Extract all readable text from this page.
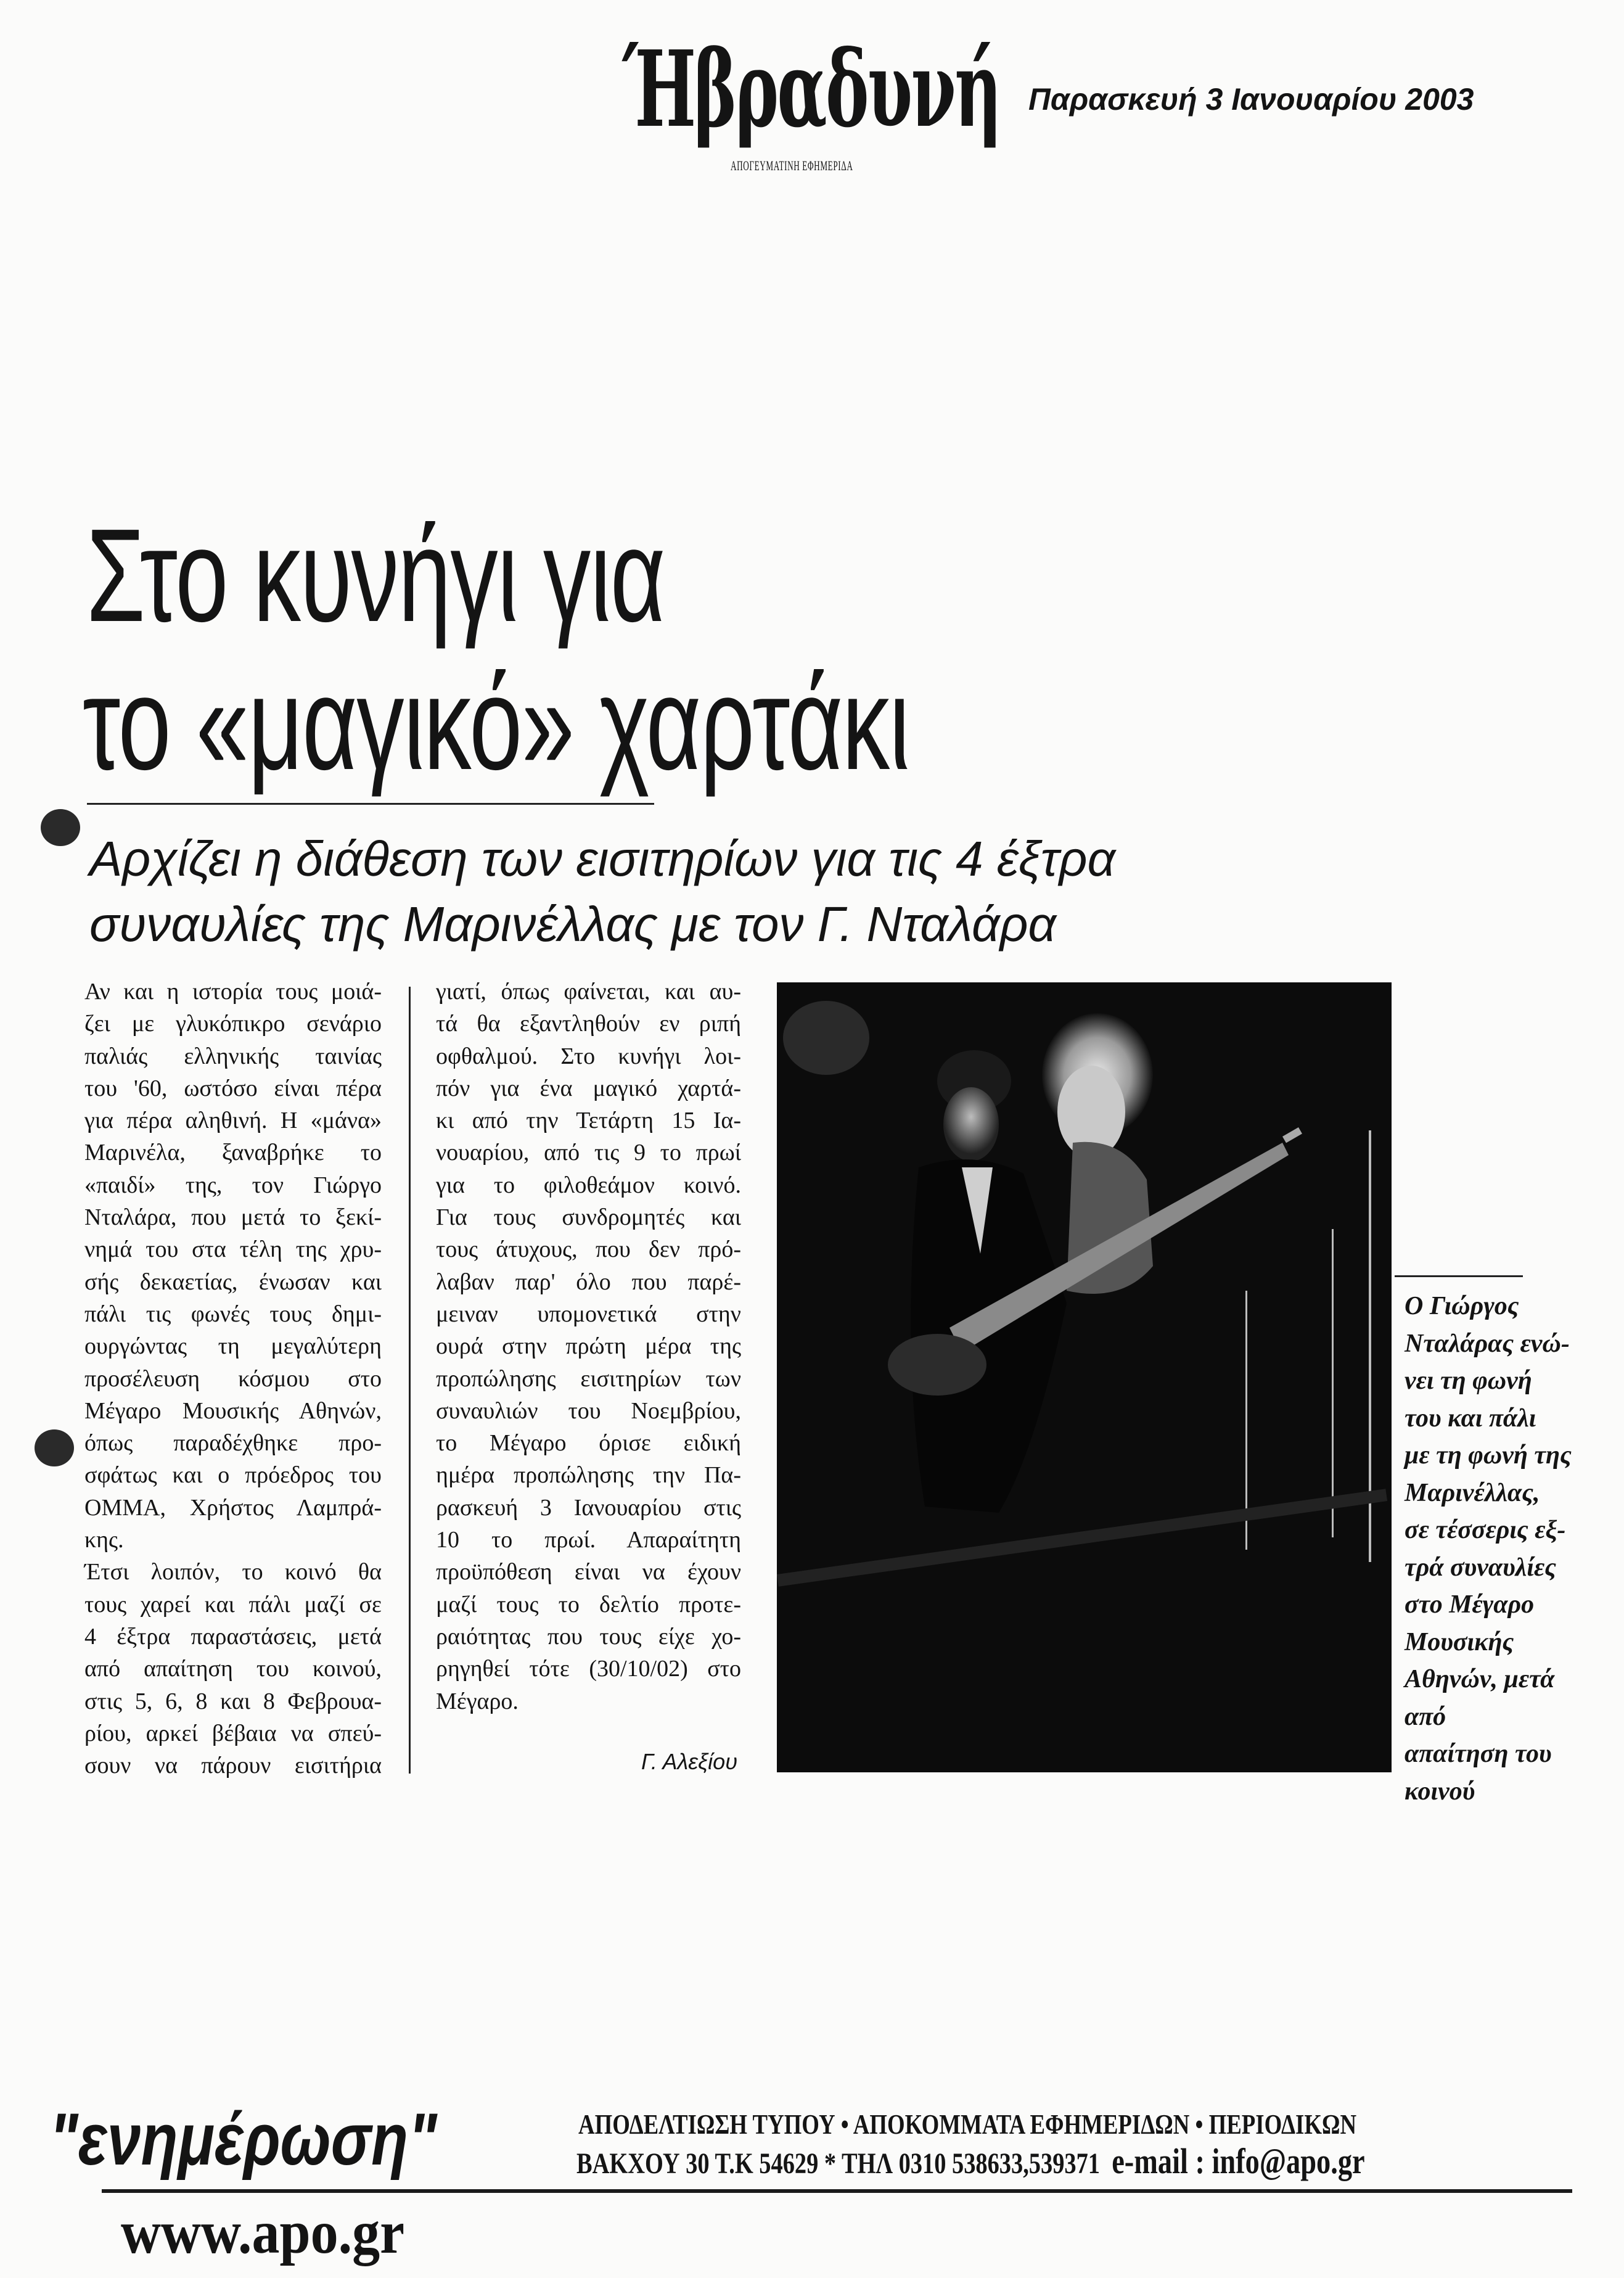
Ήβραδυνή
ΑΠΟΓΕΥΜΑΤΙΝΗ ΕΦΗΜΕΡΙΔΑ
Παρασκευή 3 Ιανουαρίου 2003
Στο κυνήγι για
το «μαγικό» χαρτάκι
Αρχίζει η διάθεση των εισιτηρίων για τις 4 έξτρα
συναυλίες της Μαρινέλλας με τον Γ. Νταλάρα
Αν και η ιστορία τους μοιά-
ζει με γλυκόπικρο σενάριο
παλιάς ελληνικής ταινίας
του '60, ωστόσο είναι πέρα
για πέρα αληθινή. Η «μάνα»
Μαρινέλα, ξαναβρήκε το
«παιδί» της, τον Γιώργο
Νταλάρα, που μετά το ξεκί-
νημά του στα τέλη της χρυ-
σής δεκαετίας, ένωσαν και
πάλι τις φωνές τους δημι-
ουργώντας τη μεγαλύτερη
προσέλευση κόσμου στο
Μέγαρο Μουσικής Αθηνών,
όπως παραδέχθηκε προ-
σφάτως και ο πρόεδρος του
ΟΜΜΑ, Χρήστος Λαμπρά-
κης.
Έτσι λοιπόν, το κοινό θα
τους χαρεί και πάλι μαζί σε
4 έξτρα παραστάσεις, μετά
από απαίτηση του κοινού,
στις 5, 6, 8 και 8 Φεβρουα-
ρίου, αρκεί βέβαια να σπεύ-
σουν να πάρουν εισιτήρια
γιατί, όπως φαίνεται, και αυ-
τά θα εξαντληθούν εν ριπή
οφθαλμού. Στο κυνήγι λοι-
πόν για ένα μαγικό χαρτά-
κι από την Τετάρτη 15 Ια-
νουαρίου, από τις 9 το πρωί
για το φιλοθεάμον κοινό.
Για τους συνδρομητές και
τους άτυχους, που δεν πρό-
λαβαν παρ' όλο που παρέ-
μειναν υπομονετικά στην
ουρά στην πρώτη μέρα της
προπώλησης εισιτηρίων των
συναυλιών του Νοεμβρίου,
το Μέγαρο όρισε ειδική
ημέρα προπώλησης την Πα-
ρασκευή 3 Ιανουαρίου στις
10 το πρωί. Απαραίτητη
προϋπόθεση είναι να έχουν
μαζί τους το δελτίο προτε-
ραιότητας που τους είχε χο-
ρηγηθεί τότε (30/10/02) στο
Μέγαρο.
Γ. Αλεξίου
Ο Γιώργος
Νταλάρας ενώ-
νει τη φωνή
του και πάλι
με τη φωνή της
Μαρινέλλας,
σε τέσσερις εξ-
τρά συναυλίες
στο Μέγαρο
Μουσικής
Αθηνών, μετά
από
απαίτηση του
κοινού
"ενημέρωση"	ΑΠΟΔΕΛΤΙΩΣΗ ΤΥΠΟΥ • ΑΠΟΚΟΜΜΑΤΑ ΕΦΗΜΕΡΙΔΩΝ • ΠΕΡΙΟΔΙΚΩΝ
ΒΑΚΧΟΥ 30 Τ.Κ 54629 * ΤΗΛ 0310 538633,539371 e-mail : info@apo.gr
www.apo.gr
